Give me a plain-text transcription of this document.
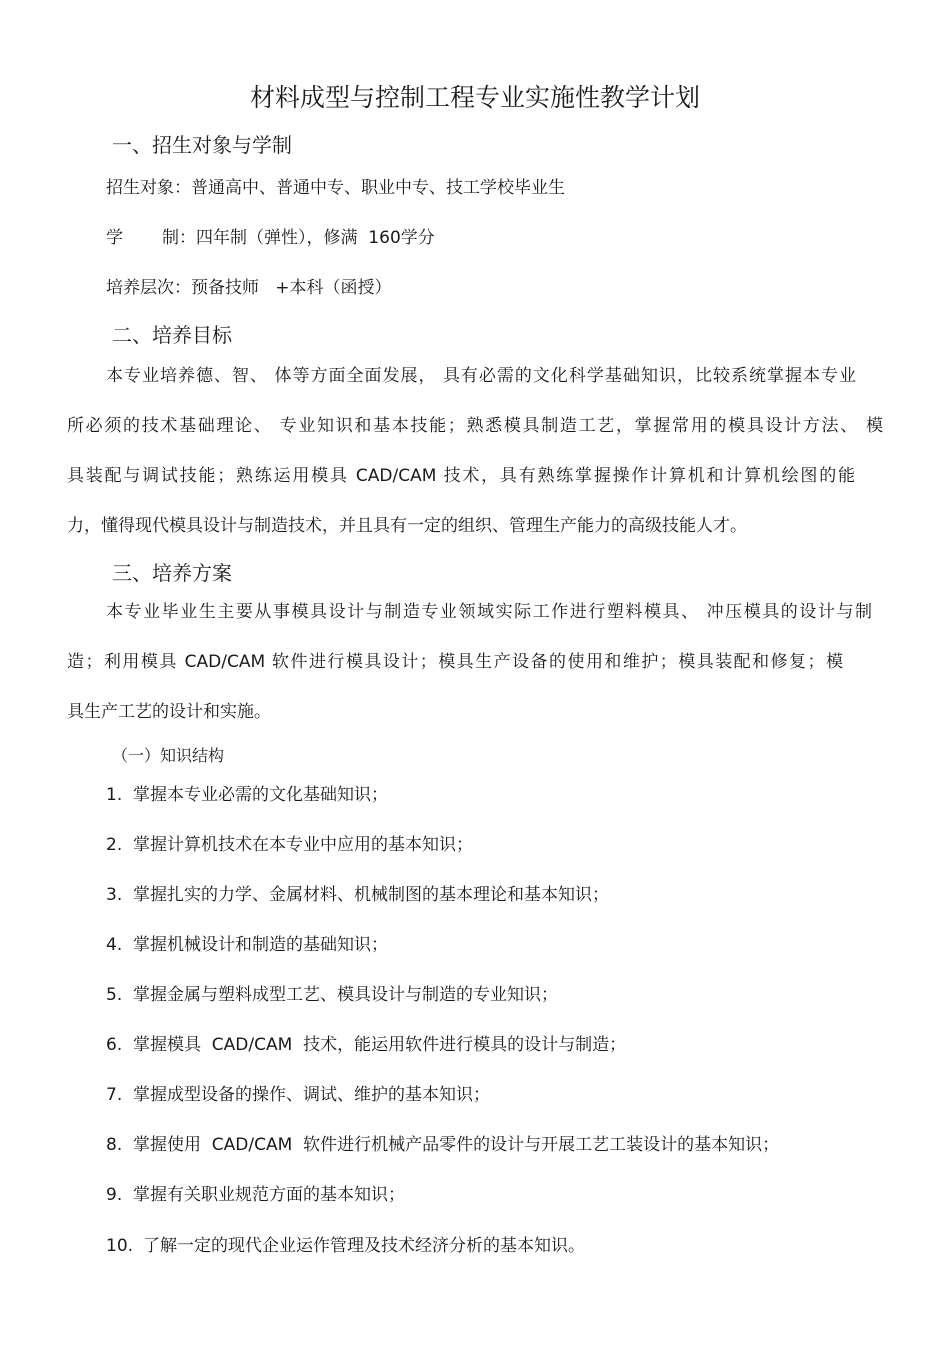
材料成型与控制工程专业实施性教学计划
一、招生对象与学制
招生对象：普通高中、普通中专、职业中专、技工学校毕业生
学 制：四年制（弹性），修满  160学分
培养层次：预备技师   +本科（函授）
二、培养目标
本专业培养德、智、 体等方面全面发展， 具有必需的文化科学基础知识，比较系统掌握本专业
所必须的技术基础理论、 专业知识和基本技能；熟悉模具制造工艺，掌握常用的模具设计方法、 模
具装配与调试技能；熟练运用模具 CAD/CAM 技术，具有熟练掌握操作计算机和计算机绘图的能
力，懂得现代模具设计与制造技术，并且具有一定的组织、管理生产能力的高级技能人才。
三、培养方案
本专业毕业生主要从事模具设计与制造专业领域实际工作进行塑料模具、 冲压模具的设计与制
造；利用模具 CAD/CAM 软件进行模具设计；模具生产设备的使用和维护；模具装配和修复；模
具生产工艺的设计和实施。
（一）知识结构
1. 掌握本专业必需的文化基础知识；
2. 掌握计算机技术在本专业中应用的基本知识；
3. 掌握扎实的力学、金属材料、机械制图的基本理论和基本知识；
4. 掌握机械设计和制造的基础知识；
5. 掌握金属与塑料成型工艺、模具设计与制造的专业知识；
6. 掌握模具  CAD/CAM  技术，能运用软件进行模具的设计与制造；
7. 掌握成型设备的操作、调试、维护的基本知识；
8. 掌握使用  CAD/CAM  软件进行机械产品零件的设计与开展工艺工装设计的基本知识；
9. 掌握有关职业规范方面的基本知识；
10. 了解一定的现代企业运作管理及技术经济分析的基本知识。
